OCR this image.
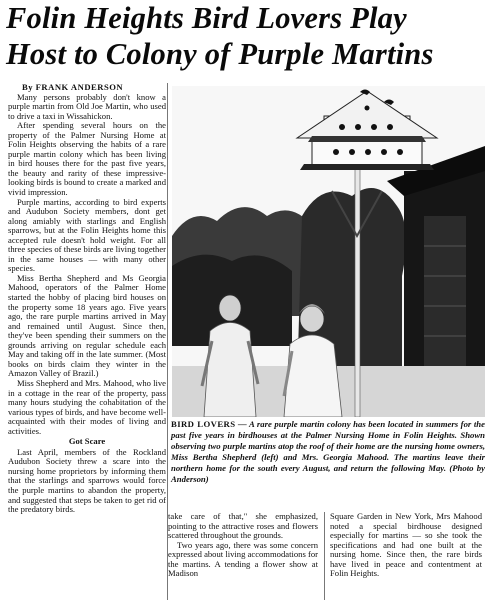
Folin Heights Bird Lovers Play
Host to Colony of Purple Martins

By FRANK ANDERSON

Many persons probably don't know a purple martin from Old Joe Martin, who used to drive a taxi in Wissahickon.

After spending several hours on the property of the Palmer Nursing Home at Folin Heights observing the habits of a rare purple martin colony which has been living in bird houses there for the past five years, the beauty and rarity of these impressive-looking birds is bound to create a marked and vivid impression.

Purple martins, according to bird experts and Audubon Society members, dont get along amiably with starlings and English sparrows, but at the Folin Heights home this accepted rule doesn't hold weight. For all three species of these birds are living together in the same houses — with many other species.

Miss Bertha Shepherd and Ms Georgia Mahood, operators of the Palmer Home started the hobby of placing bird houses on the property some 18 years ago. Five years ago, the rare purple martins arrived in May and remained until August. Since then, they've been spending their summers on the grounds arriving on regular schedule each May and taking off in the late summer. (Most books on birds claim they winter in the Amazon Valley of Brazil.)

Miss Shepherd and Mrs. Mahood, who live in a cottage in the rear of the property, pass many hours studying the cohabitation of the various types of birds, and have become well-acquainted with their modes of living and activities.

Got Scare

Last April, members of the Rockland Audubon Society threw a scare into the nursing home proprietors by informing them that the starlings and sparrows would force the purple martins to abandon the property, and suggested that steps be taken to get rid of the predatory birds.

BIRD LOVERS — A rare purple martin colony has been located in summers for the past five years in birdhouses at the Palmer Nursing Home in Folin Heights. Shown observing two purple martins atop the roof of their home are the nursing home owners, Miss Bertha Shepherd (left) and Mrs. Georgia Mahood. The martins leave their northern home for the south every August, and return the following May. (Photo by Anderson)

take care of that," she emphasized, pointing to the attractive roses and flowers scattered throughout the grounds.

Two years ago, there was some concern expressed about living accommodations for the martins. A tending a flower show at Madison

Square Garden in New York, Mrs Mahood noted a special birdhouse designed especially for martins — so she took the specifications and had one built at the nursing home. Since then, the rare birds have lived in peace and contentment at Folin Heights.
